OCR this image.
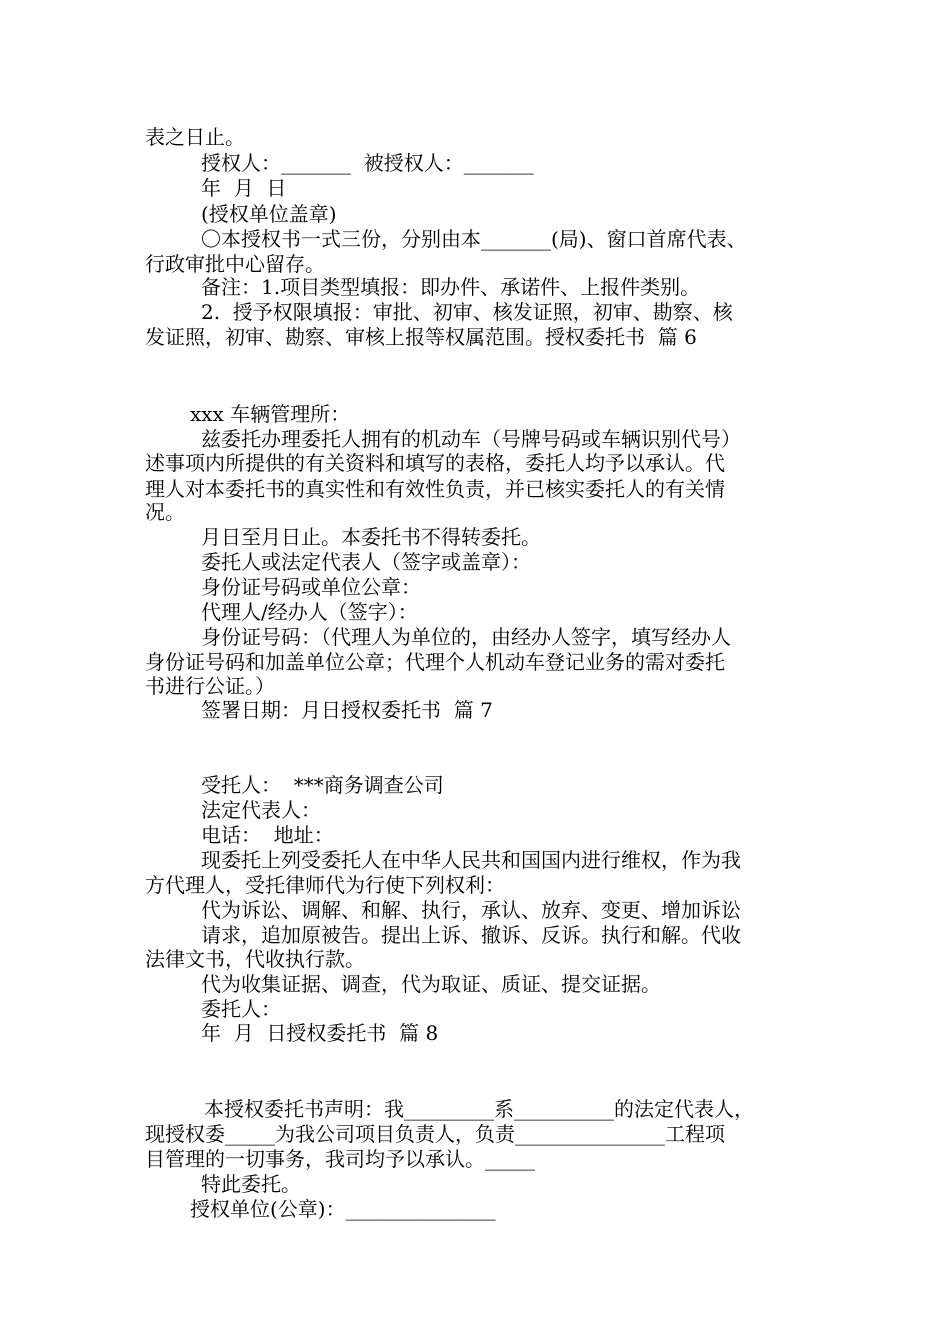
表之日止。
授权人：_______  被授权人：_______
年  月  日
(授权单位盖章)
〇本授权书一式三份，分别由本_______(局)、窗口首席代表、
行政审批中心留存。
备注：1.项目类型填报：即办件、承诺件、上报件类别。
2.  授予权限填报：审批、初审、核发证照，初审、勘察、核
发证照，初审、勘察、审核上报等权属范围。授权委托书  篇 6
xxx 车辆管理所：
兹委托办理委托人拥有的机动车（号牌号码或车辆识别代号）
述事项内所提供的有关资料和填写的表格，委托人均予以承认。代
理人对本委托书的真实性和有效性负责，并已核实委托人的有关情
况。
月日至月日止。本委托书不得转委托。
委托人或法定代表人（签字或盖章）：
身份证号码或单位公章：
代理人/经办人（签字）：
身份证号码：（代理人为单位的，由经办人签字，填写经办人
身份证号码和加盖单位公章；代理个人机动车登记业务的需对委托
书进行公证。）
签署日期：月日授权委托书  篇 7
受托人：  ***商务调查公司
法定代表人：
电话：  地址：
现委托上列受委托人在中华人民共和国国内进行维权，作为我
方代理人，受托律师代为行使下列权利：
代为诉讼、调解、和解、执行，承认、放弃、变更、增加诉讼
请求，追加原被告。提出上诉、撤诉、反诉。执行和解。代收
法律文书，代收执行款。
代为收集证据、调查，代为取证、质证、提交证据。
委托人：
年  月  日授权委托书  篇 8
本授权委托书声明：我_________系__________的法定代表人，
现授权委_____为我公司项目负责人，负责_______________工程项
目管理的一切事务，我司均予以承认。_____
特此委托。
授权单位(公章)：_______________
